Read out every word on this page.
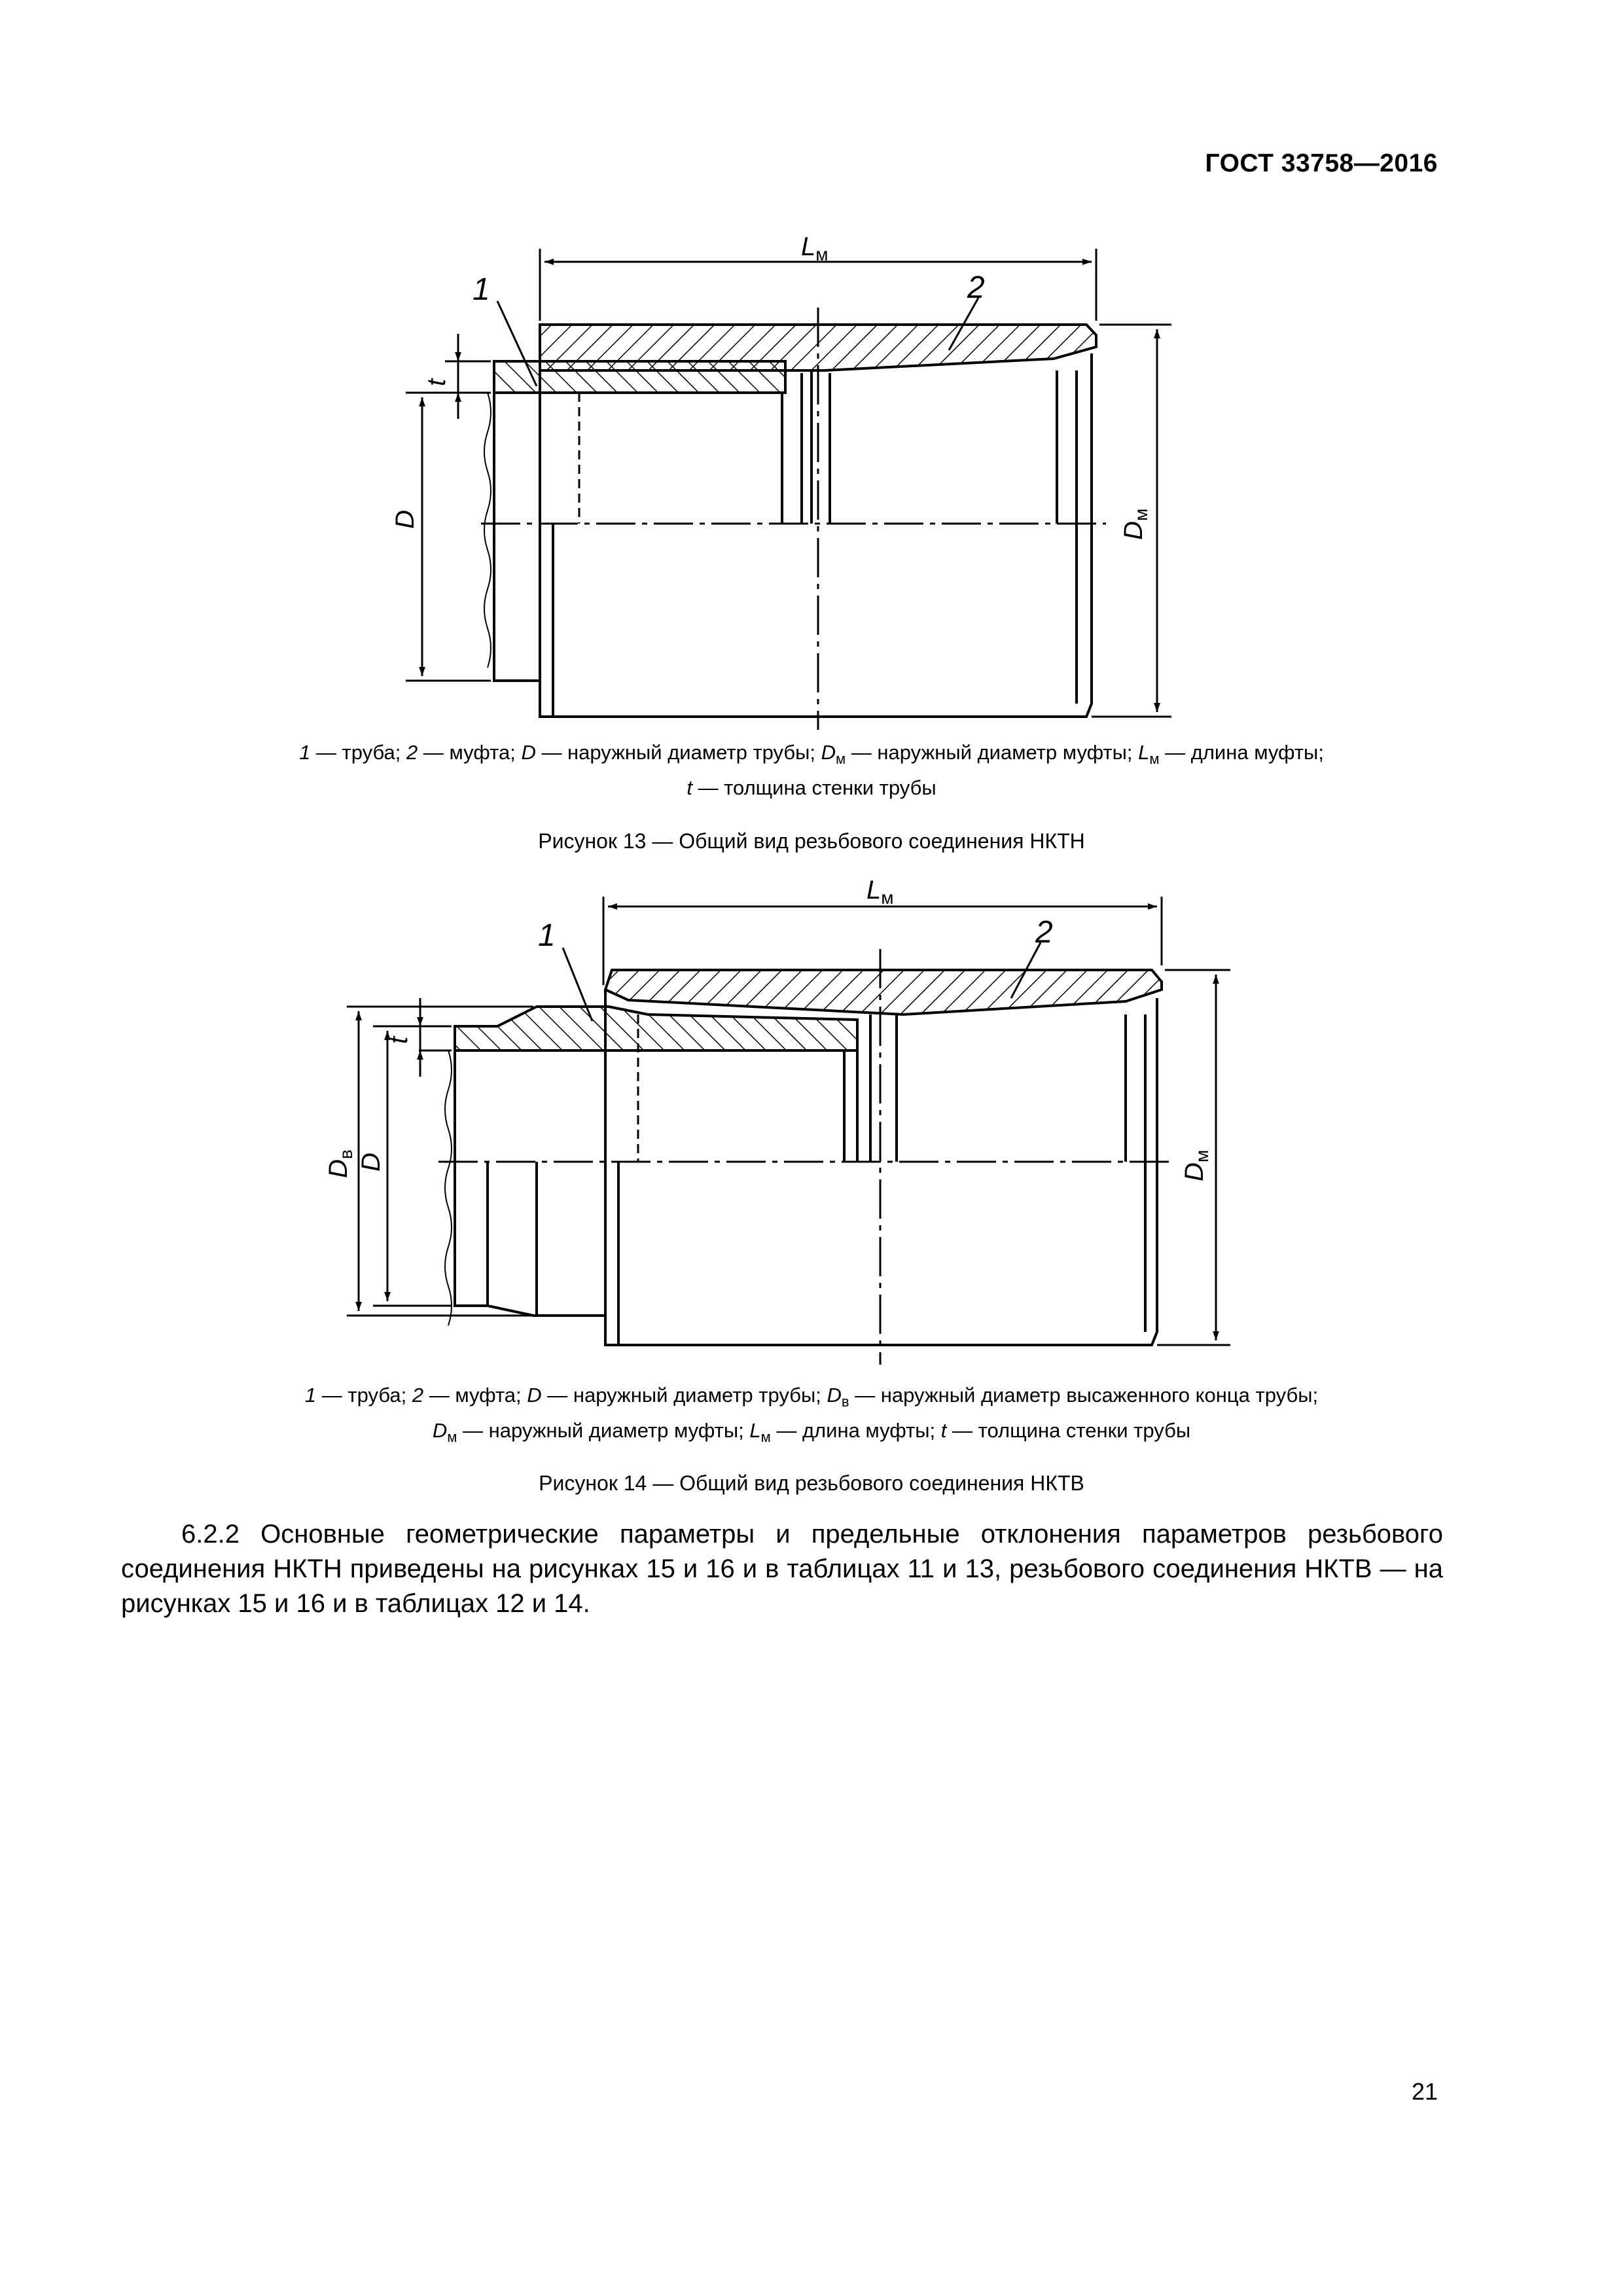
ГОСТ 33758—2016
1	2
$L_м$
D
t
$D_м$
1 — труба; 2 — муфта; D — наружный диаметр трубы; $D_м$ — наружный диаметр муфты; $L_м$ — длина муфты;
t — толщина стенки трубы
Рисунок 13 — Общий вид резьбового соединения НКТН
1	2
$L_м$
$D_в$ D
t
$D_м$
1 — труба; 2 — муфта; D — наружный диаметр трубы; $D_в$ — наружный диаметр высаженного конца трубы;
$D_м$ — наружный диаметр муфты; $L_м$ — длина муфты; t — толщина стенки трубы
Рисунок 14 — Общий вид резьбового соединения НКТВ

6.2.2 Основные геометрические параметры и предельные отклонения параметров резьбового соединения НКТН приведены на рисунках 15 и 16 и в таблицах 11 и 13, резьбового соединения НКТВ — на рисунках 15 и 16 и в таблицах 12 и 14.

21
